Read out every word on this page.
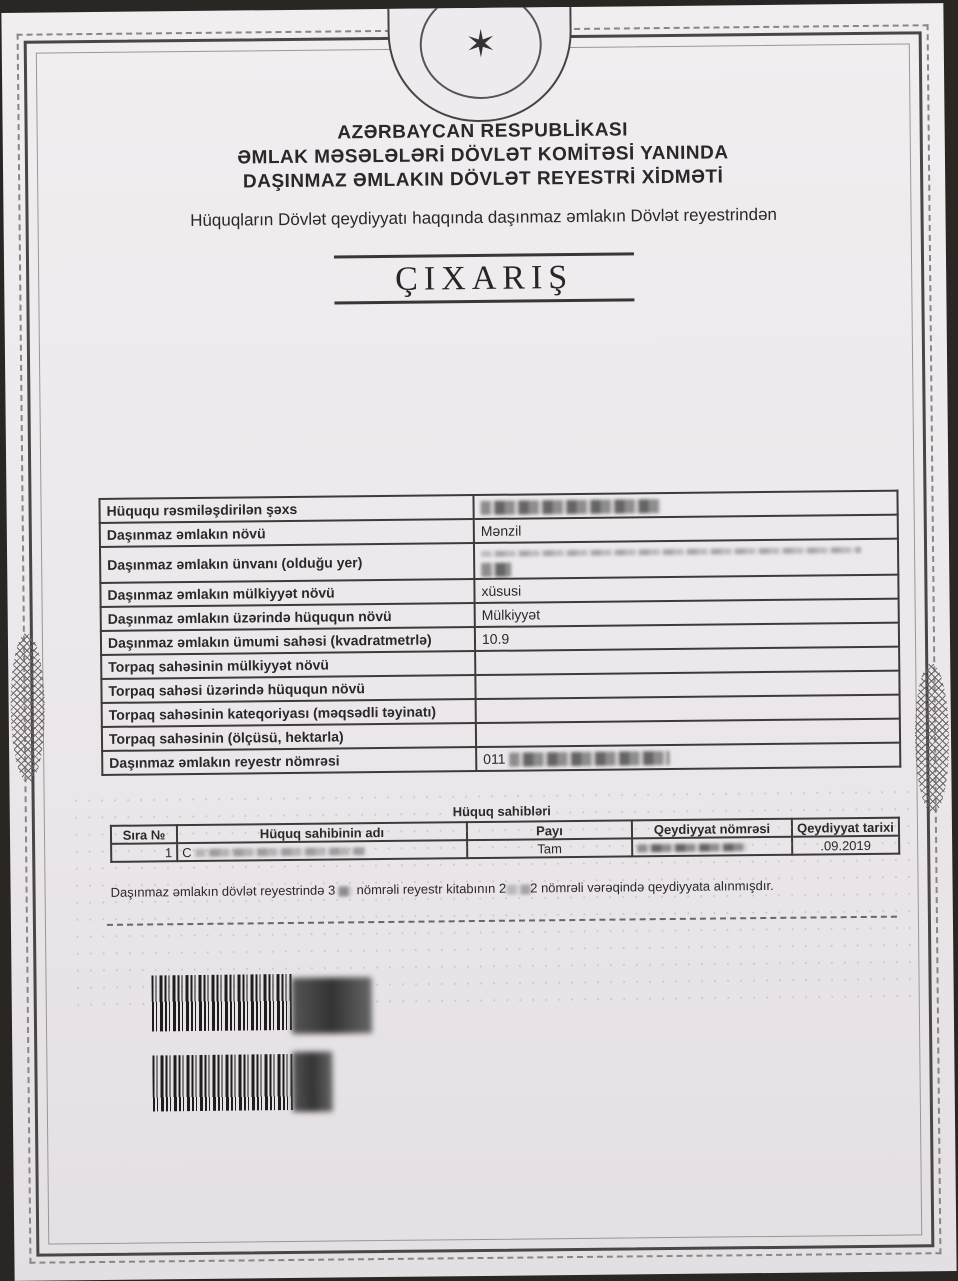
✶
AZƏRBAYCAN RESPUBLİKASI
ƏMLAK MƏSƏLƏLƏRİ DÖVLƏT KOMİTƏSİ YANINDA
DAŞINMAZ ƏMLAKIN DÖVLƏT REYESTRİ XİDMƏTİ
Hüquqların Dövlət qeydiyyatı haqqında daşınmaz əmlakın Dövlət reyestrindən
ÇIXARIŞ
Hüququ rəsmiləşdirilən şəxs	
Daşınmaz əmlakın növü	Mənzil
Daşınmaz əmlakın ünvanı (olduğu yer)	

Daşınmaz əmlakın mülkiyyət növü	xüsusi
Daşınmaz əmlakın üzərində hüququn növü	Mülkiyyət
Daşınmaz əmlakın ümumi sahəsi (kvadratmetrlə)	10.9
Torpaq sahəsinin mülkiyyət növü	
Torpaq sahəsi üzərində hüququn növü	
Torpaq sahəsinin kateqoriyası (məqsədli təyinatı)	
Torpaq sahəsinin (ölçüsü, hektarla)	
Daşınmaz əmlakın reyestr nömrəsi	011
Hüquq sahibləri
Sıra №	Hüquq sahibinin adı	Payı	Qeydiyyat nömrəsi	Qeydiyyat tarixi
1	C	Tam		.09.2019
Daşınmaz əmlakın dövlət reyestrində 3 nömrəli reyestr kitabının 2 2 nömrəli vərəqində qeydiyyata alınmışdır.
